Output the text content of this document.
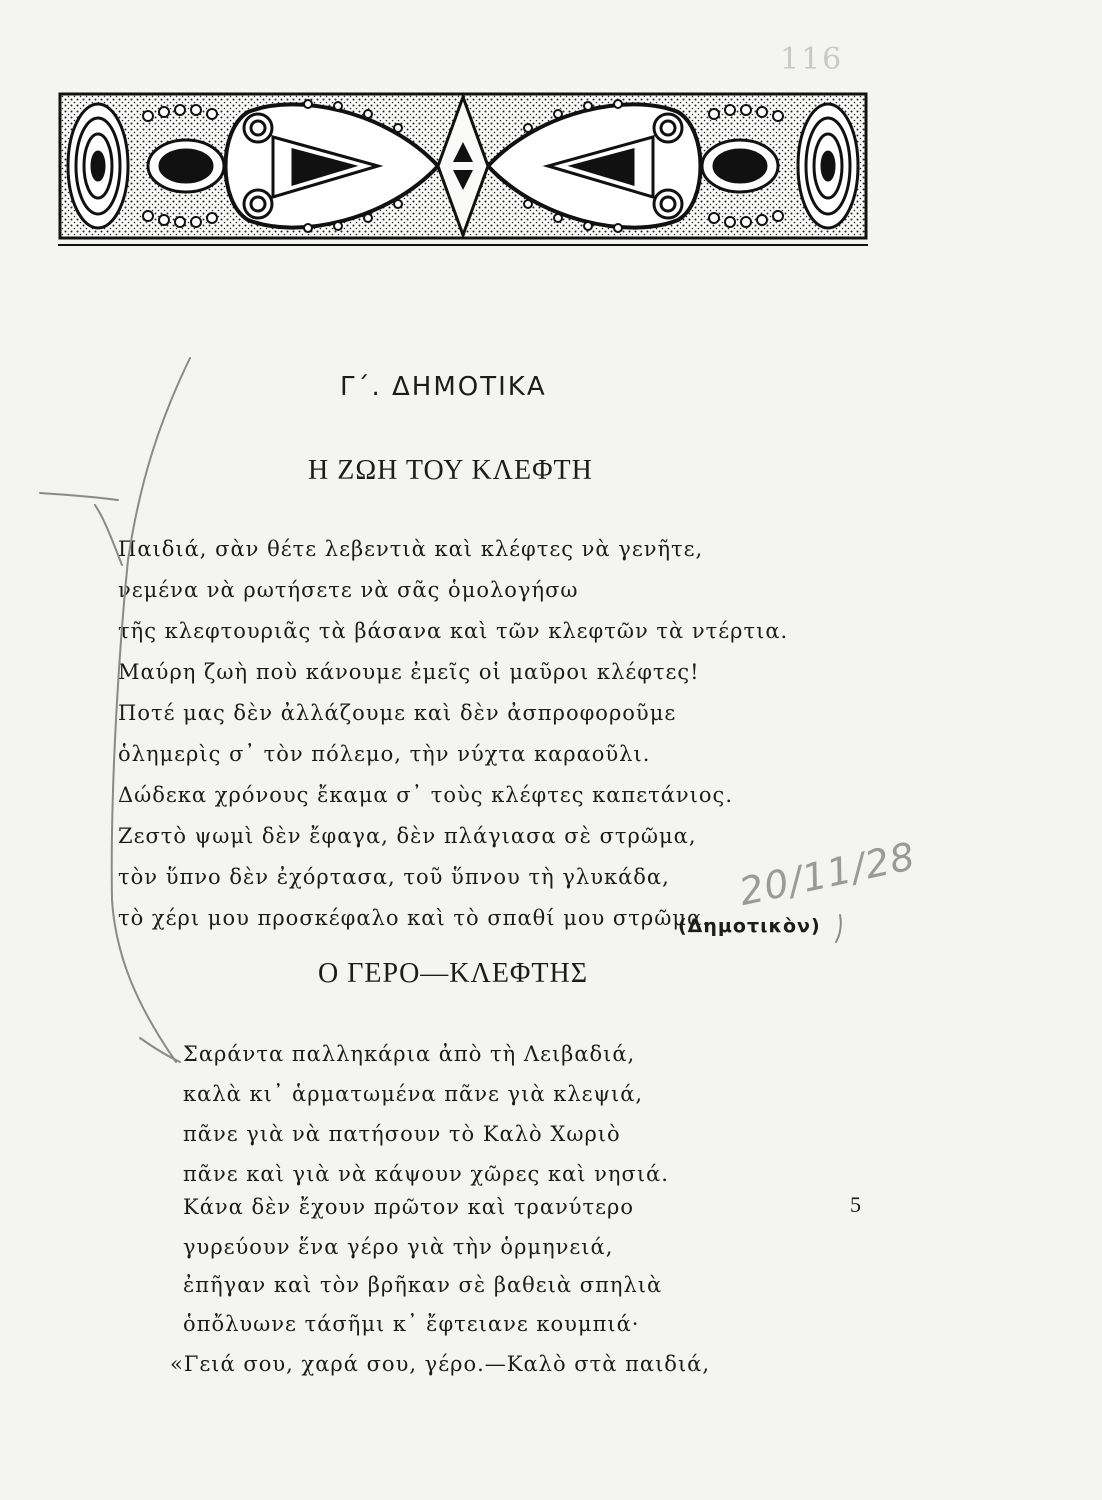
116
Γ΄. ΔΗΜΟΤΙΚΑ
Η ΖΩΗ ΤΟΥ ΚΛΕΦΤΗ

Παιδιά, σὰν θέτε λεβεντιὰ καὶ κλέφτες νὰ γενῆτε,

νεμένα νὰ ρωτήσετε νὰ σᾶς ὁμολογήσω

τῆς κλεφτουριᾶς τὰ βάσανα καὶ τῶν κλεφτῶν τὰ ντέρτια.

Μαύρη ζωὴ ποὺ κάνουμε ἐμεῖς οἱ μαῦροι κλέφτες!

Ποτέ μας δὲν ἀλλάζουμε καὶ δὲν ἀσπροφοροῦμε

ὁλημερὶς σ᾽ τὸν πόλεμο, τὴν νύχτα καραοῦλι.

Δώδεκα χρόνους ἔκαμα σ᾽ τοὺς κλέφτες καπετάνιος.

Ζεστὸ ψωμὶ δὲν ἔφαγα, δὲν πλάγιασα σὲ στρῶμα,

τὸν ὕπνο δὲν ἐχόρτασα, τοῦ ὕπνου τὴ γλυκάδα,

τὸ χέρι μου προσκέφαλο καὶ τὸ σπαθί μου στρῶμα.

(Δημοτικὸν)

Ο ΓΕΡΟ—ΚΛΕΦΤΗΣ

Σαράντα παλληκάρια ἀπὸ τὴ Λειβαδιά,

καλὰ κι᾽ ἁρματωμένα πᾶνε γιὰ κλεψιά,

πᾶνε γιὰ νὰ πατήσουν τὸ Καλὸ Χωριὸ

πᾶνε καὶ γιὰ νὰ κάψουν χῶρες καὶ νησιά.

Κάνα δὲν ἔχουν πρῶτον καὶ τρανύτερο

γυρεύουν ἕνα γέρο γιὰ τὴν ὁρμηνειά,

ἐπῆγαν καὶ τὸν βρῆκαν σὲ βαθειὰ σπηλιὰ

ὁπὄλυωνε τάσῆμι κ᾽ ἔφτειανε κουμπιά·

«Γειά σου, χαρά σου, γέρο.—Καλὸ στὰ παιδιά,

5
20/11/28
